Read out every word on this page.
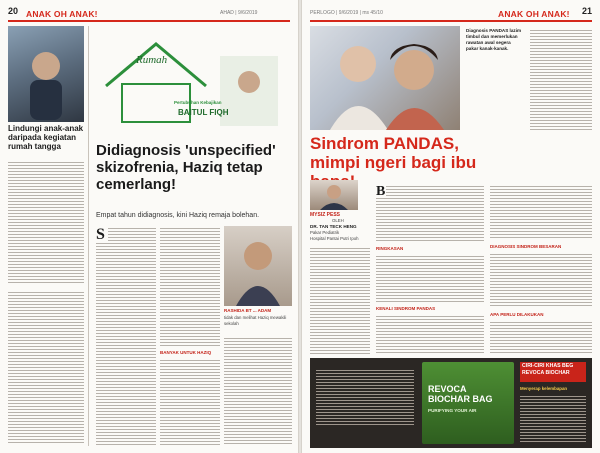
20 ANAK OH ANAK!	AHAD | 9/6/2019
Lindungi anak-anak daripada kegiatan rumah tangga
Rumah
Pertubuhan Kebajikan
BAITUL FIQH
Didiagnosis 'unspecified' skizofrenia, Haziq tetap cemerlang!
Empat tahun didiagnosis, kini Haziq remaja bolehan.
S
BANYAK UNTUK HAZIQ
RASHIDA BT ... ADAM
tidak dan melihat Haziq mewakili sekolah
PERLOGO | 9/6/2019 | ms 45/10	ANAK OH ANAK! 21
Diagnosis PANDAS lazim timbul dan memerlukan rawatan awal segera pakar kanak-kanak.
Sindrom PANDAS, mimpi ngeri bagi ibu
MYSIZ PESS
OLEH
DR. TAN TECK HENG
Pakar Pediatrik
Hospital Pantai Putri Ipoh
B
RINGKASAN
KENALI SINDROM PANDAS
DIAGNOSIS SINDROM BESARAN
APA PERLU DILAKUKAN
REVOCA BIOCHAR BAG
PURIFYING YOUR AIR
CIRI-CIRI KHAS BEG REVOCA BIOCHAR
Menyerap kelembapan
